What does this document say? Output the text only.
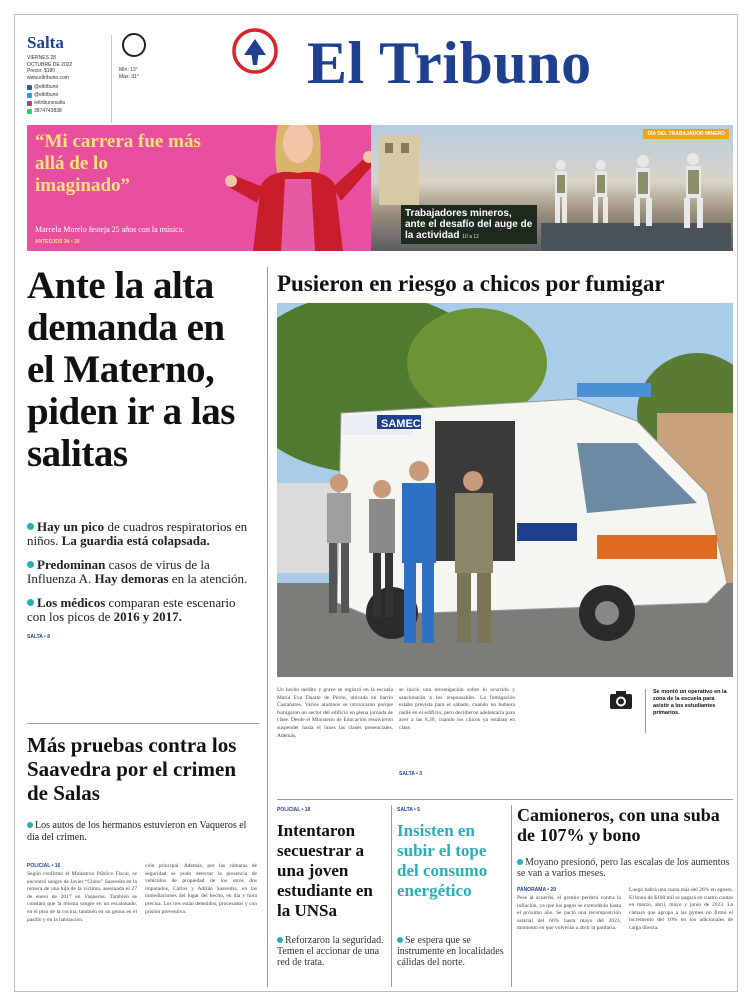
Salta
VIERNES 28
OCTUBRE DE 2022
Precio: $180
www.eltribuno.com
@eltribuno
@eltribuno
/eltribunosalta
3874743838
Mín: 13°
Máx: 31°	El Tribuno
“Mi carrera fue más allá de lo imaginado”
Marcela Morelo festeja 25 años con la música.
ANTEOJOS 34 • 30
DÍA DEL TRABAJADOR MINERO
Trabajadores mineros, ante el desafío del auge de la actividad 10 a 12
Ante la alta demanda en el Materno, piden ir a las salitas
Hay un pico de cuadros respiratorios en niños. La guardia está colapsada.
Predominan casos de virus de la Influenza A. Hay demoras en la atención.
Los médicos comparan este escenario con los picos de 2016 y 2017.
SALTA • 8
Más pruebas contra los Saavedra por el crimen de Salas
Los autos de los hermanos estuvieron en Vaqueros el día del crimen.
POLICIAL • 16
Según confirmó el Ministerio Público Fiscal, se encontró sangre de Javier “Chino” Saavedra en la remera de una hija de la víctima, asesinada el 27 de enero de 2017 en Vaqueros. También se constató que la misma sangre en un escalonado, en el piso de la cocina, también en un genus en el pasillo y en la habitación.
ción principal. Además, por las cámaras de seguridad se pudo detectar la presencia de vehículos de propiedad de los otros dos imputados, Carlos y Adrián Saavedra, en las inmediaciones del lugar del hecho, en día y hora precisa. Los tres están detenidos, procesados y con prisión preventiva.
Pusieron en riesgo a chicos por fumigar
SAMEC
Un hecho inédito y grave se registró en la escuela María Eva Duarte de Perón, ubicada en barrio Castañares. Varios alumnos se intoxicaron porque fumigaron un sector del edificio en plena jornada de clase. Desde el Ministerio de Educación resolvieron suspender hasta el lunes las clases presenciales. Además,
se inició una investigación sobre lo ocurrido y sancionarán a los responsables. La fumigación estaba prevista para el sábado, cuando no hubiera nadie en el edificio, pero decidieron adelantarla para ayer a las 8,30, cuando los chicos ya estaban en clase.
SALTA • 3
Se montó un operativo en la zona de la escuela para asistir a los estudiantes primarios.
POLICIAL • 18
Intentaron secuestrar a una joven estudiante en la UNSa
Reforzaron la seguridad. Temen el accionar de una red de trata.
SALTA • 5
Insisten en subir el tope del consumo energético
Se espera que se instrumente en localidades cálidas del norte.
Camioneros, con una suba de 107% y bono
Moyano presionó, pero las escalas de los aumentos se van a varios meses.
PANORAMA • 20
Pese al acuerdo, el gremio perderá contra la inflación, ya que los pagos se extenderán hasta el próximo año. Se pactó una recomposición salarial del 66% hasta mayo del 2023, momento en que volverán a abrir la paritaria.
Luego habrá una cuota más del 26% en agosto. El bono de $100 mil se pagará en cuatro cuotas en marzo, abril, mayo y junio de 2023. La cámara que agrupa a las pymes no firmó el incremento del 10% en los adicionales de carga directa.
